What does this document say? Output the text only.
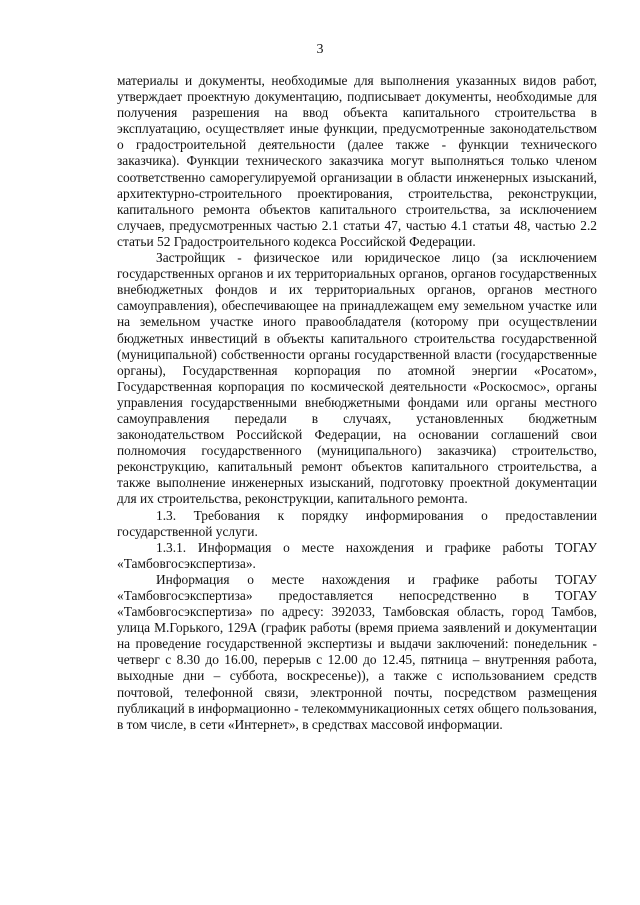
3

материалы и документы, необходимые для выполнения указанных видов работ, утверждает проектную документацию, подписывает документы, необходимые для получения разрешения на ввод объекта капитального строительства в эксплуатацию, осуществляет иные функции, предусмотренные законодательством о градостроительной деятельности (далее также - функции технического заказчика). Функции технического заказчика могут выполняться только членом соответственно саморегулируемой организации в области инженерных изысканий, архитектурно-строительного проектирования, строительства, реконструкции, капитального ремонта объектов капитального строительства, за исключением случаев, предусмотренных частью 2.1 статьи 47, частью 4.1 статьи 48, частью 2.2 статьи 52 Градостроительного кодекса Российской Федерации.

Застройщик - физическое или юридическое лицо (за исключением государственных органов и их территориальных органов, органов государственных внебюджетных фондов и их территориальных органов, органов местного самоуправления), обеспечивающее на принадлежащем ему земельном участке или на земельном участке иного правообладателя (которому при осуществлении бюджетных инвестиций в объекты капитального строительства государственной (муниципальной) собственности органы государственной власти (государственные органы), Государственная корпорация по атомной энергии «Росатом», Государственная корпорация по космической деятельности «Роскосмос», органы управления государственными внебюджетными фондами или органы местного самоуправления передали в случаях, установленных бюджетным законодательством Российской Федерации, на основании соглашений свои полномочия государственного (муниципального) заказчика) строительство, реконструкцию, капитальный ремонт объектов капитального строительства, а также выполнение инженерных изысканий, подготовку проектной документации для их строительства, реконструкции, капитального ремонта.

1.3. Требования к порядку информирования о предоставлении государственной услуги.

1.3.1. Информация о месте нахождения и графике работы ТОГАУ «Тамбовгосэкспертиза».

Информация о месте нахождения и графике работы ТОГАУ «Тамбовгосэкспертиза» предоставляется непосредственно в ТОГАУ «Тамбовгосэкспертиза» по адресу: 392033, Тамбовская область, город Тамбов, улица М.Горького, 129А (график работы (время приема заявлений и документации на проведение государственной экспертизы и выдачи заключений: понедельник - четверг с 8.30 до 16.00, перерыв с 12.00 до 12.45, пятница – внутренняя работа, выходные дни – суббота, воскресенье)), а также с использованием средств почтовой, телефонной связи, электронной почты, посредством размещения публикаций в информационно - телекоммуникационных сетях общего пользования, в том числе, в сети «Интернет», в средствах массовой информации.
